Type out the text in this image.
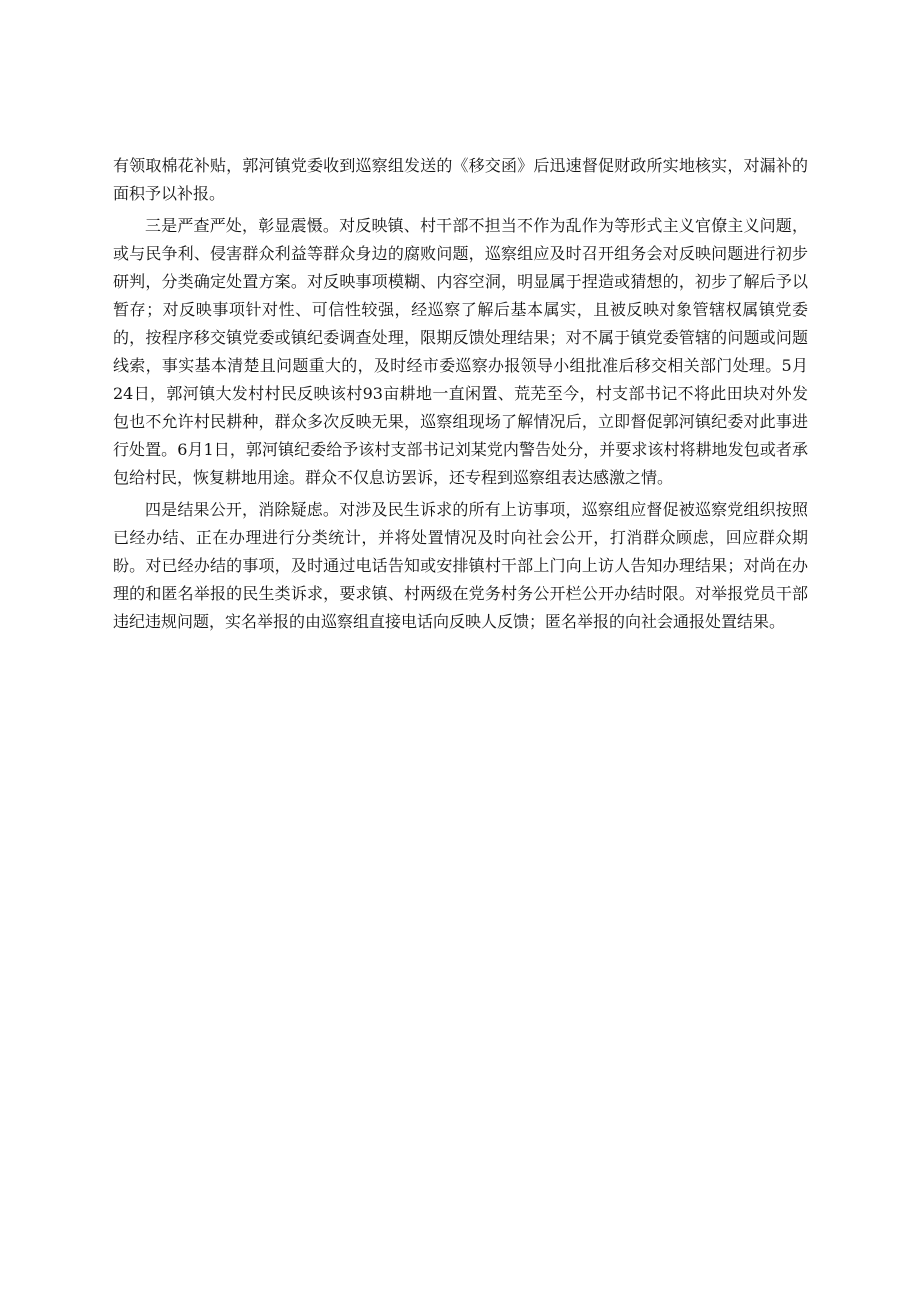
有领取棉花补贴，郭河镇党委收到巡察组发送的《移交函》后迅速督促财政所实地核实，对漏补的面积予以补报。

三是严查严处，彰显震慑。对反映镇、村干部不担当不作为乱作为等形式主义官僚主义问题，或与民争利、侵害群众利益等群众身边的腐败问题，巡察组应及时召开组务会对反映问题进行初步研判，分类确定处置方案。对反映事项模糊、内容空洞，明显属于捏造或猜想的，初步了解后予以暂存；对反映事项针对性、可信性较强，经巡察了解后基本属实，且被反映对象管辖权属镇党委的，按程序移交镇党委或镇纪委调查处理，限期反馈处理结果；对不属于镇党委管辖的问题或问题线索，事实基本清楚且问题重大的，及时经市委巡察办报领导小组批准后移交相关部门处理。5月24日，郭河镇大发村村民反映该村93亩耕地一直闲置、荒芜至今，村支部书记不将此田块对外发包也不允许村民耕种，群众多次反映无果，巡察组现场了解情况后，立即督促郭河镇纪委对此事进行处置。6月1日，郭河镇纪委给予该村支部书记刘某党内警告处分，并要求该村将耕地发包或者承包给村民，恢复耕地用途。群众不仅息访罢诉，还专程到巡察组表达感激之情。

四是结果公开，消除疑虑。对涉及民生诉求的所有上访事项，巡察组应督促被巡察党组织按照已经办结、正在办理进行分类统计，并将处置情况及时向社会公开，打消群众顾虑，回应群众期盼。对已经办结的事项，及时通过电话告知或安排镇村干部上门向上访人告知办理结果；对尚在办理的和匿名举报的民生类诉求，要求镇、村两级在党务村务公开栏公开办结时限。对举报党员干部违纪违规问题，实名举报的由巡察组直接电话向反映人反馈；匿名举报的向社会通报处置结果。
